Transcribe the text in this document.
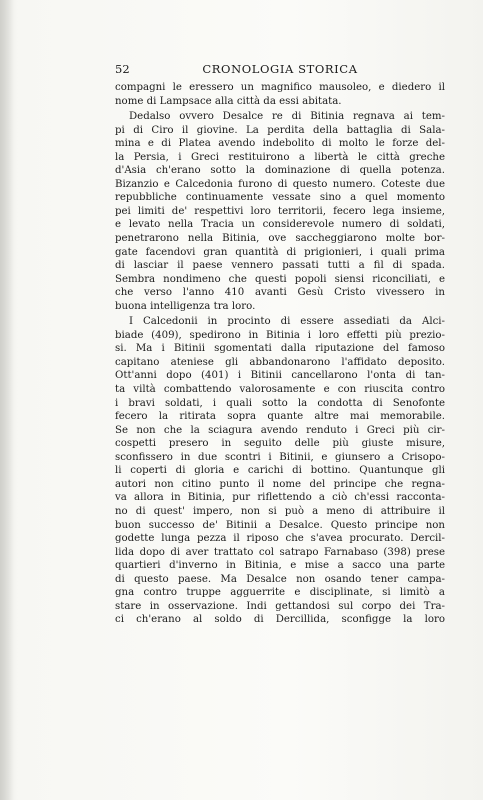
52	CRONOLOGIA STORICA
compagni le eressero un magnifico mausoleo, e diedero il
nome di Lampsace alla città da essi abitata.
Dedalso ovvero Desalce re di Bitinia regnava ai tem-
pi di Ciro il giovine. La perdita della battaglia di Sala-
mina e di Platea avendo indebolito di molto le forze del-
la Persia, i Greci restituirono a libertà le città greche
d'Asia ch'erano sotto la dominazione di quella potenza.
Bizanzio e Calcedonia furono di questo numero. Coteste due
repubbliche continuamente vessate sino a quel momento
pei limiti de' respettivi loro territorii, fecero lega insieme,
e levato nella Tracia un considerevole numero di soldati,
penetrarono nella Bitinia, ove saccheggiarono molte bor-
gate facendovi gran quantità di prigionieri, i quali prima
di lasciar il paese vennero passati tutti a fil di spada.
Sembra nondimeno che questi popoli siensi riconciliati, e
che verso l'anno 410 avanti Gesù Cristo vivessero in
buona intelligenza tra loro.
I Calcedonii in procinto di essere assediati da Alci-
biade (409), spedirono in Bitinia i loro effetti più prezio-
si. Ma i Bitinii sgomentati dalla riputazione del famoso
capitano ateniese gli abbandonarono l'affidato deposito.
Ott'anni dopo (401) i Bitinii cancellarono l'onta di tan-
ta viltà combattendo valorosamente e con riuscita contro
i bravi soldati, i quali sotto la condotta di Senofonte
fecero la ritirata sopra quante altre mai memorabile.
Se non che la sciagura avendo renduto i Greci più cir-
cospetti presero in seguito delle più giuste misure,
sconfissero in due scontri i Bitinii, e giunsero a Crisopo-
li coperti di gloria e carichi di bottino. Quantunque gli
autori non citino punto il nome del principe che regna-
va allora in Bitinia, pur riflettendo a ciò ch'essi racconta-
no di quest' impero, non si può a meno di attribuire il
buon successo de' Bitinii a Desalce. Questo principe non
godette lunga pezza il riposo che s'avea procurato. Dercil-
lida dopo di aver trattato col satrapo Farnabaso (398) prese
quartieri d'inverno in Bitinia, e mise a sacco una parte
di questo paese. Ma Desalce non osando tener campa-
gna contro truppe agguerrite e disciplinate, si limitò a
stare in osservazione. Indi gettandosi sul corpo dei Tra-
ci ch'erano al soldo di Dercillida, sconfigge la loro
